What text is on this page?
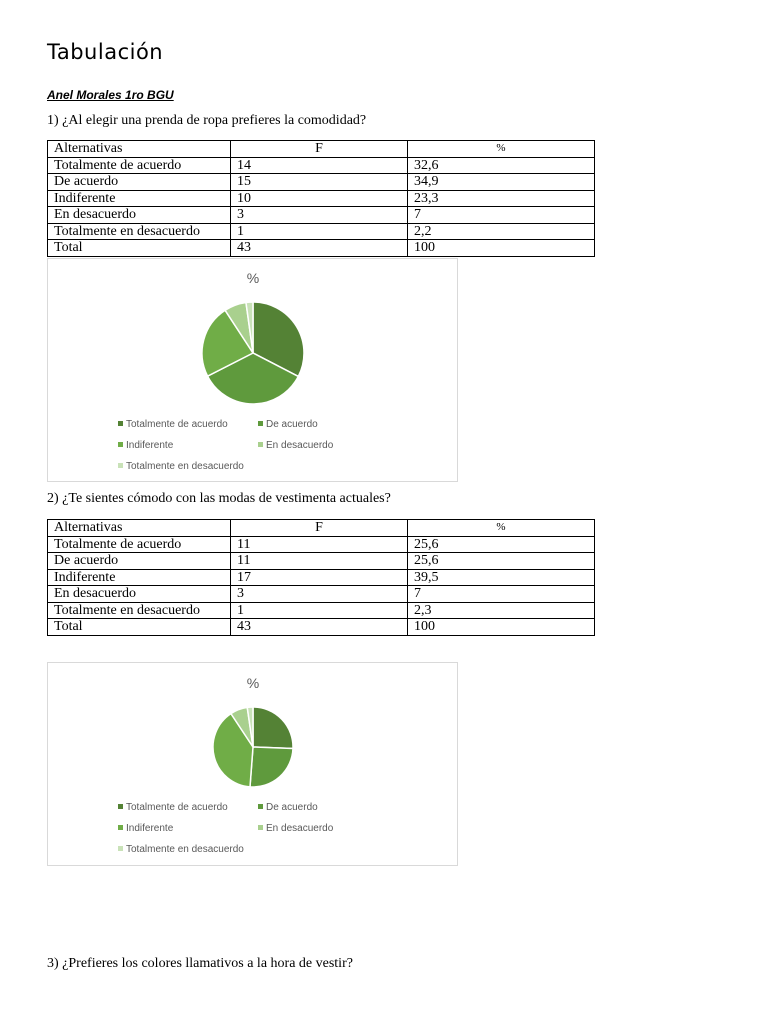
Tabulación
Anel Morales 1ro BGU
1) ¿Al elegir una prenda de ropa prefieres la comodidad?
Alternativas	F	%
Totalmente de acuerdo	14	32,6
De acuerdo	15	34,9
Indiferente	10	23,3
En desacuerdo	3	7
Totalmente en desacuerdo	1	2,2
Total	43	100
%
Totalmente de acuerdo	De acuerdo
Indiferente	En desacuerdo
Totalmente en desacuerdo
2) ¿Te sientes cómodo con las modas de vestimenta actuales?
Alternativas	F	%
Totalmente de acuerdo	11	25,6
De acuerdo	11	25,6
Indiferente	17	39,5
En desacuerdo	3	7
Totalmente en desacuerdo	1	2,3
Total	43	100
%
Totalmente de acuerdo	De acuerdo
Indiferente	En desacuerdo
Totalmente en desacuerdo
3) ¿Prefieres los colores llamativos a la hora de vestir?
